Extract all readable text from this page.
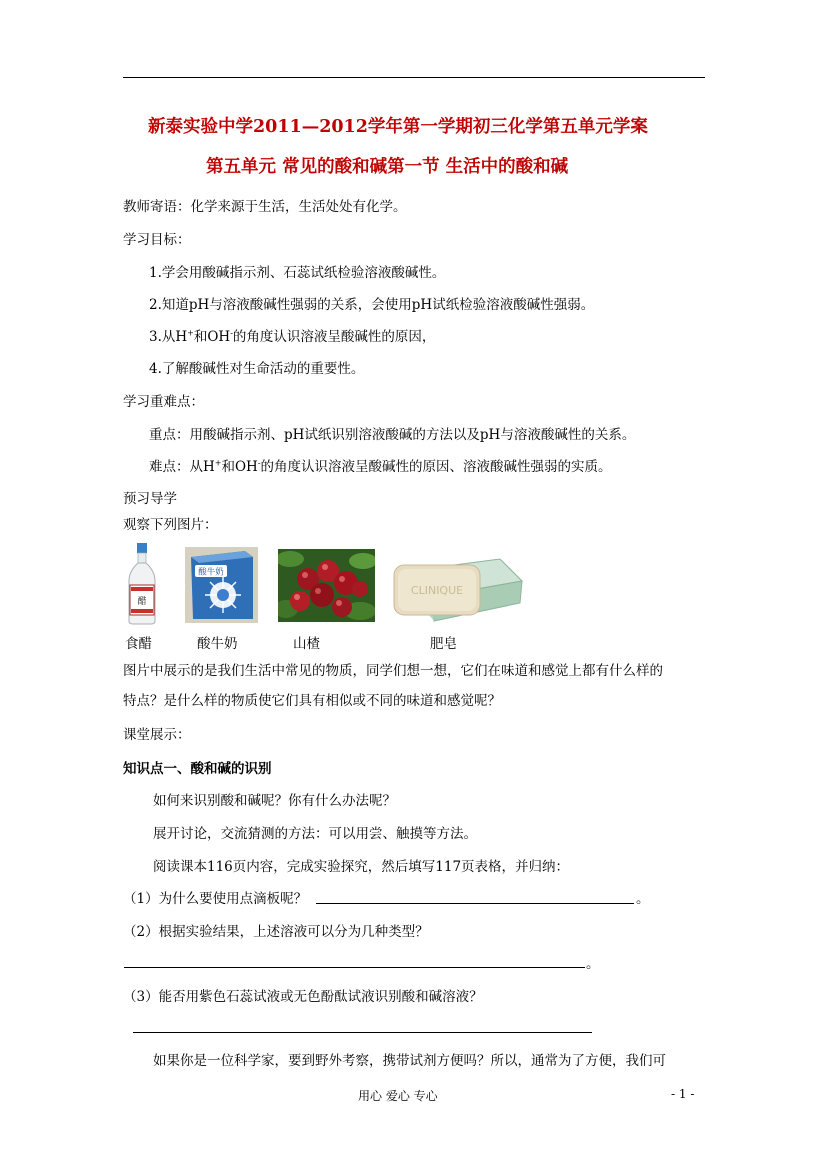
新泰实验中学2011—2012学年第一学期初三化学第五单元学案
第五单元 常见的酸和碱第一节 生活中的酸和碱
教师寄语：化学来源于生活，生活处处有化学。
学习目标：
1.学会用酸碱指示剂、石蕊试纸检验溶液酸碱性。
2.知道pH与溶液酸碱性强弱的关系，会使用pH试纸检验溶液酸碱性强弱。
3.从H+和OH-的角度认识溶液呈酸碱性的原因，
4.了解酸碱性对生命活动的重要性。
学习重难点：
重点：用酸碱指示剂、pH试纸识别溶液酸碱的方法以及pH与溶液酸碱性的关系。
难点：从H+和OH-的角度认识溶液呈酸碱性的原因、溶液酸碱性强弱的实质。
预习导学
观察下列图片：
醋
酸牛奶
CLINIQUE
食醋	酸牛奶	山楂	肥皂
图片中展示的是我们生活中常见的物质，同学们想一想，它们在味道和感觉上都有什么样的
特点？是什么样的物质使它们具有相似或不同的味道和感觉呢？
课堂展示：
知识点一、酸和碱的识别
如何来识别酸和碱呢？你有什么办法呢？
展开讨论，交流猜测的方法：可以用尝、触摸等方法。
阅读课本116页内容，完成实验探究，然后填写117页表格，并归纳：
（1）为什么要使用点滴板呢？	。
（2）根据实验结果，上述溶液可以分为几种类型？
。
（3）能否用紫色石蕊试液或无色酚酞试液识别酸和碱溶液？
如果你是一位科学家，要到野外考察，携带试剂方便吗？所以，通常为了方便，我们可
用心 爱心 专心	- 1 -
